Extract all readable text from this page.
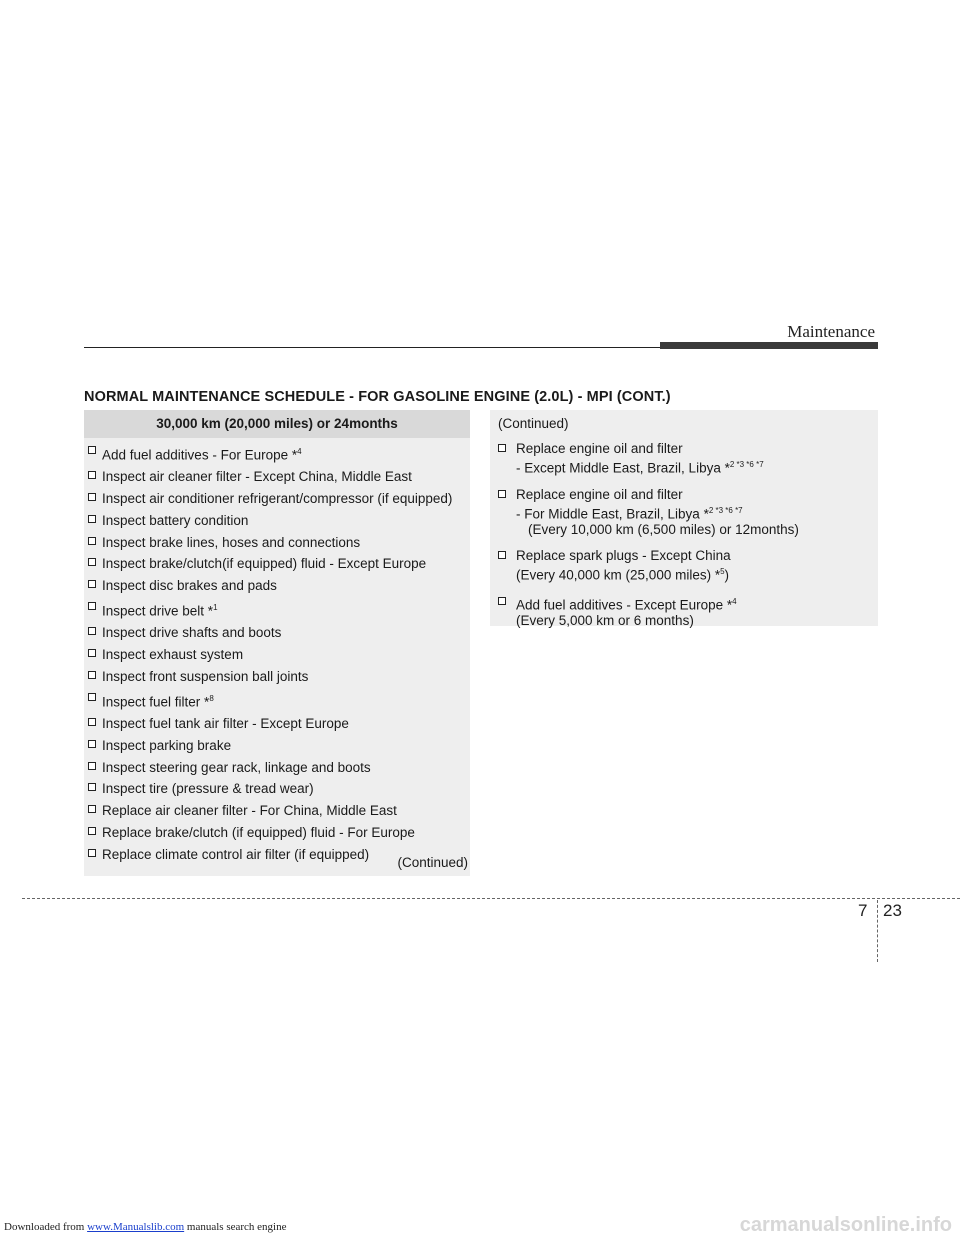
Maintenance
NORMAL MAINTENANCE SCHEDULE - FOR GASOLINE ENGINE (2.0L) - MPI (CONT.)
30,000 km (20,000 miles) or 24months
Add fuel additives - For Europe *$^4$
Inspect air cleaner filter - Except China, Middle East
Inspect air conditioner refrigerant/compressor (if equipped)
Inspect battery condition
Inspect brake lines, hoses and connections
Inspect brake/clutch(if equipped) fluid - Except Europe
Inspect disc brakes and pads
Inspect drive belt *$^1$
Inspect drive shafts and boots
Inspect exhaust system
Inspect front suspension ball joints
Inspect fuel filter *$^8$
Inspect fuel tank air filter - Except Europe
Inspect parking brake
Inspect steering gear rack, linkage and boots
Inspect tire (pressure & tread wear)
Replace air cleaner filter - For China, Middle East
Replace brake/clutch (if equipped) fluid - For Europe
Replace climate control air filter (if equipped)
(Continued)
(Continued)
Replace engine oil and filter
- Except Middle East, Brazil, Libya *$^{2 *3 *6 *7}$
Replace engine oil and filter
- For Middle East, Brazil, Libya *$^{2 *3 *6 *7}$
(Every 10,000 km (6,500 miles) or 12months)
Replace spark plugs - Except China
(Every 40,000 km (25,000 miles) *$^5$)
Add fuel additives - Except Europe *$^4$
(Every 5,000 km or 6 months)
7 23
Downloaded from www.Manualslib.com manuals search engine	carmanualsonline.info
